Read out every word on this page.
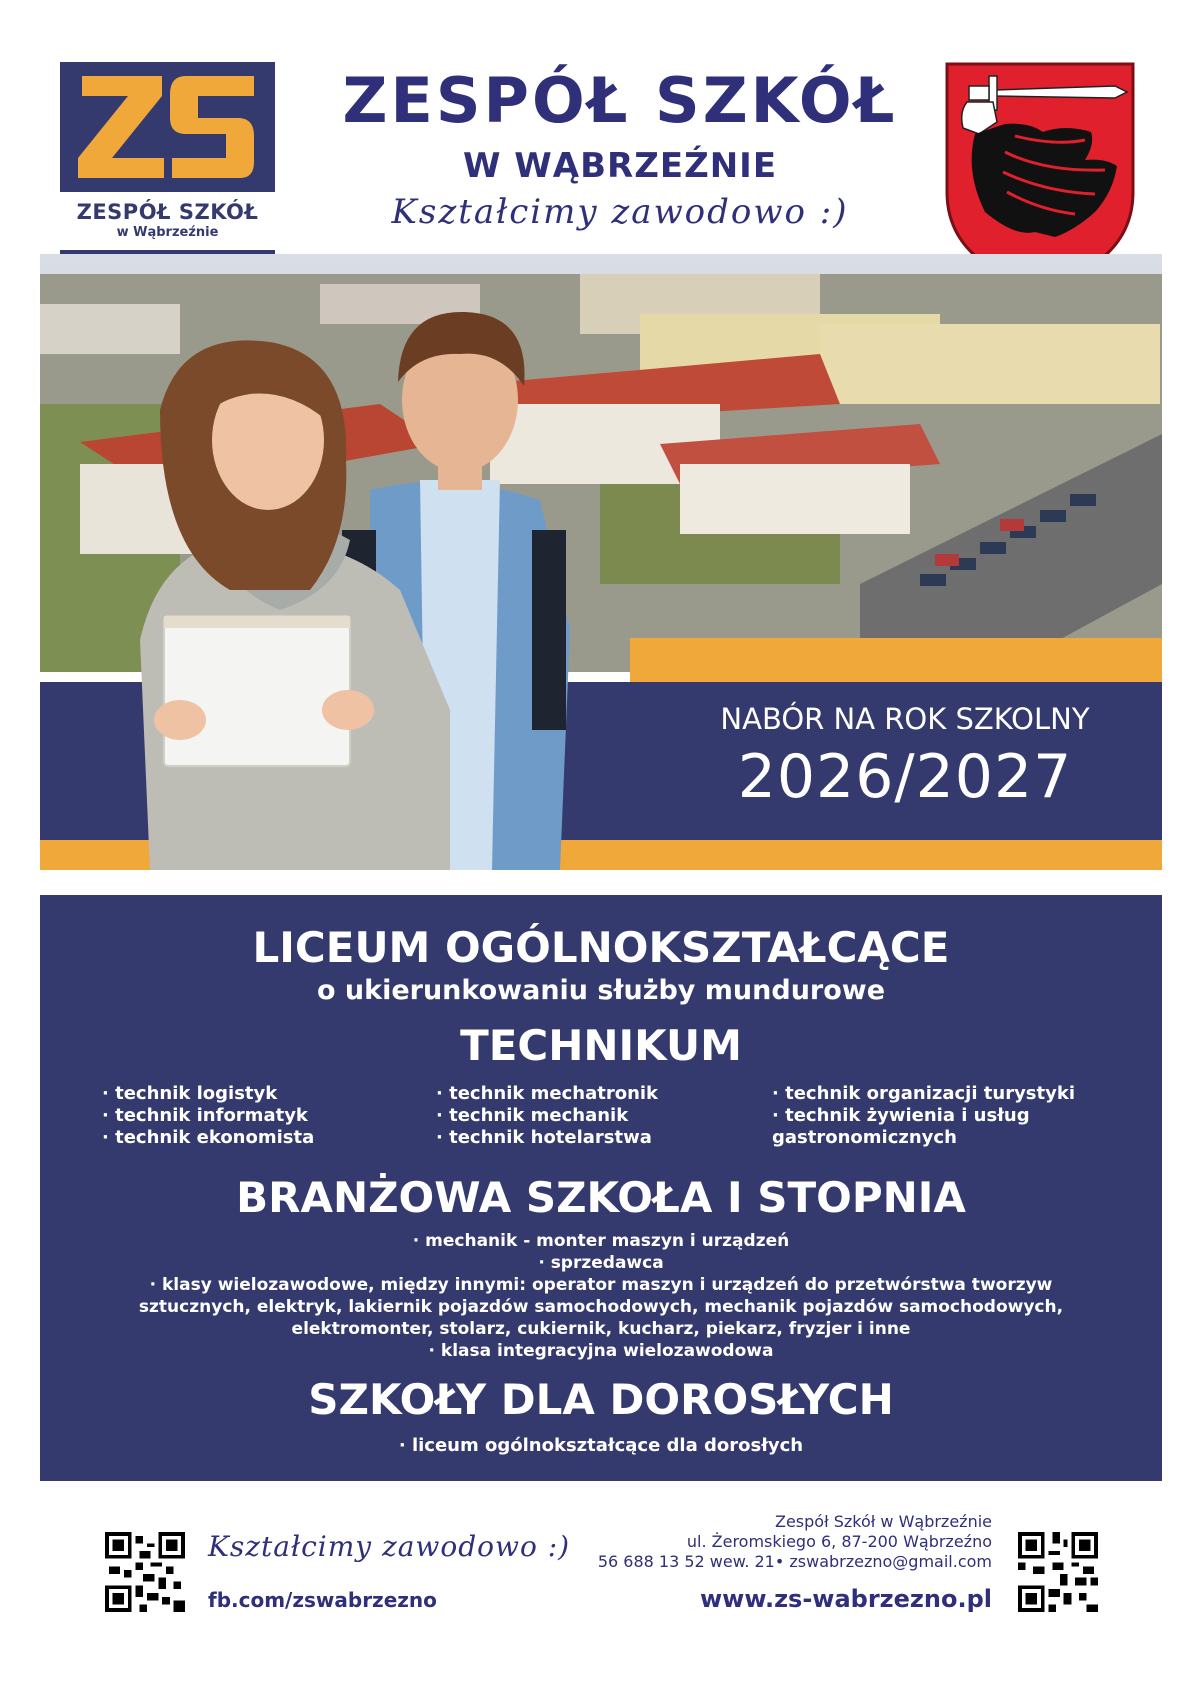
ZESPÓŁ SZKÓŁ
w Wąbrzeźnie
ZESPÓŁ SZKÓŁ
W WĄBRZEŹNIE
Kształcimy zawodowo :)
NABÓR NA ROK SZKOLNY
2026/2027
LICEUM OGÓLNOKSZTAŁCĄCE
o ukierunkowaniu służby mundurowe
TECHNIKUM
· technik logistyk
· technik informatyk
· technik ekonomista
· technik mechatronik
· technik mechanik
· technik hotelarstwa
· technik organizacji turystyki
· technik żywienia i usług
gastronomicznych
BRANŻOWA SZKOŁA I STOPNIA
· mechanik - monter maszyn i urządzeń
· sprzedawca
· klasy wielozawodowe, między innymi: operator maszyn i urządzeń do przetwórstwa tworzyw
sztucznych, elektryk, lakiernik pojazdów samochodowych, mechanik pojazdów samochodowych,
elektromonter, stolarz, cukiernik, kucharz, piekarz, fryzjer i inne
· klasa integracyjna wielozawodowa
SZKOŁY DLA DOROSŁYCH
· liceum ogólnokształcące dla dorosłych
Kształcimy zawodowo :)
fb.com/zswabrzezno
Zespół Szkół w Wąbrzeźnie
ul. Żeromskiego 6, 87-200 Wąbrzeźno
56 688 13 52 wew. 21• zswabrzezno@gmail.com
www.zs-wabrzezno.pl
